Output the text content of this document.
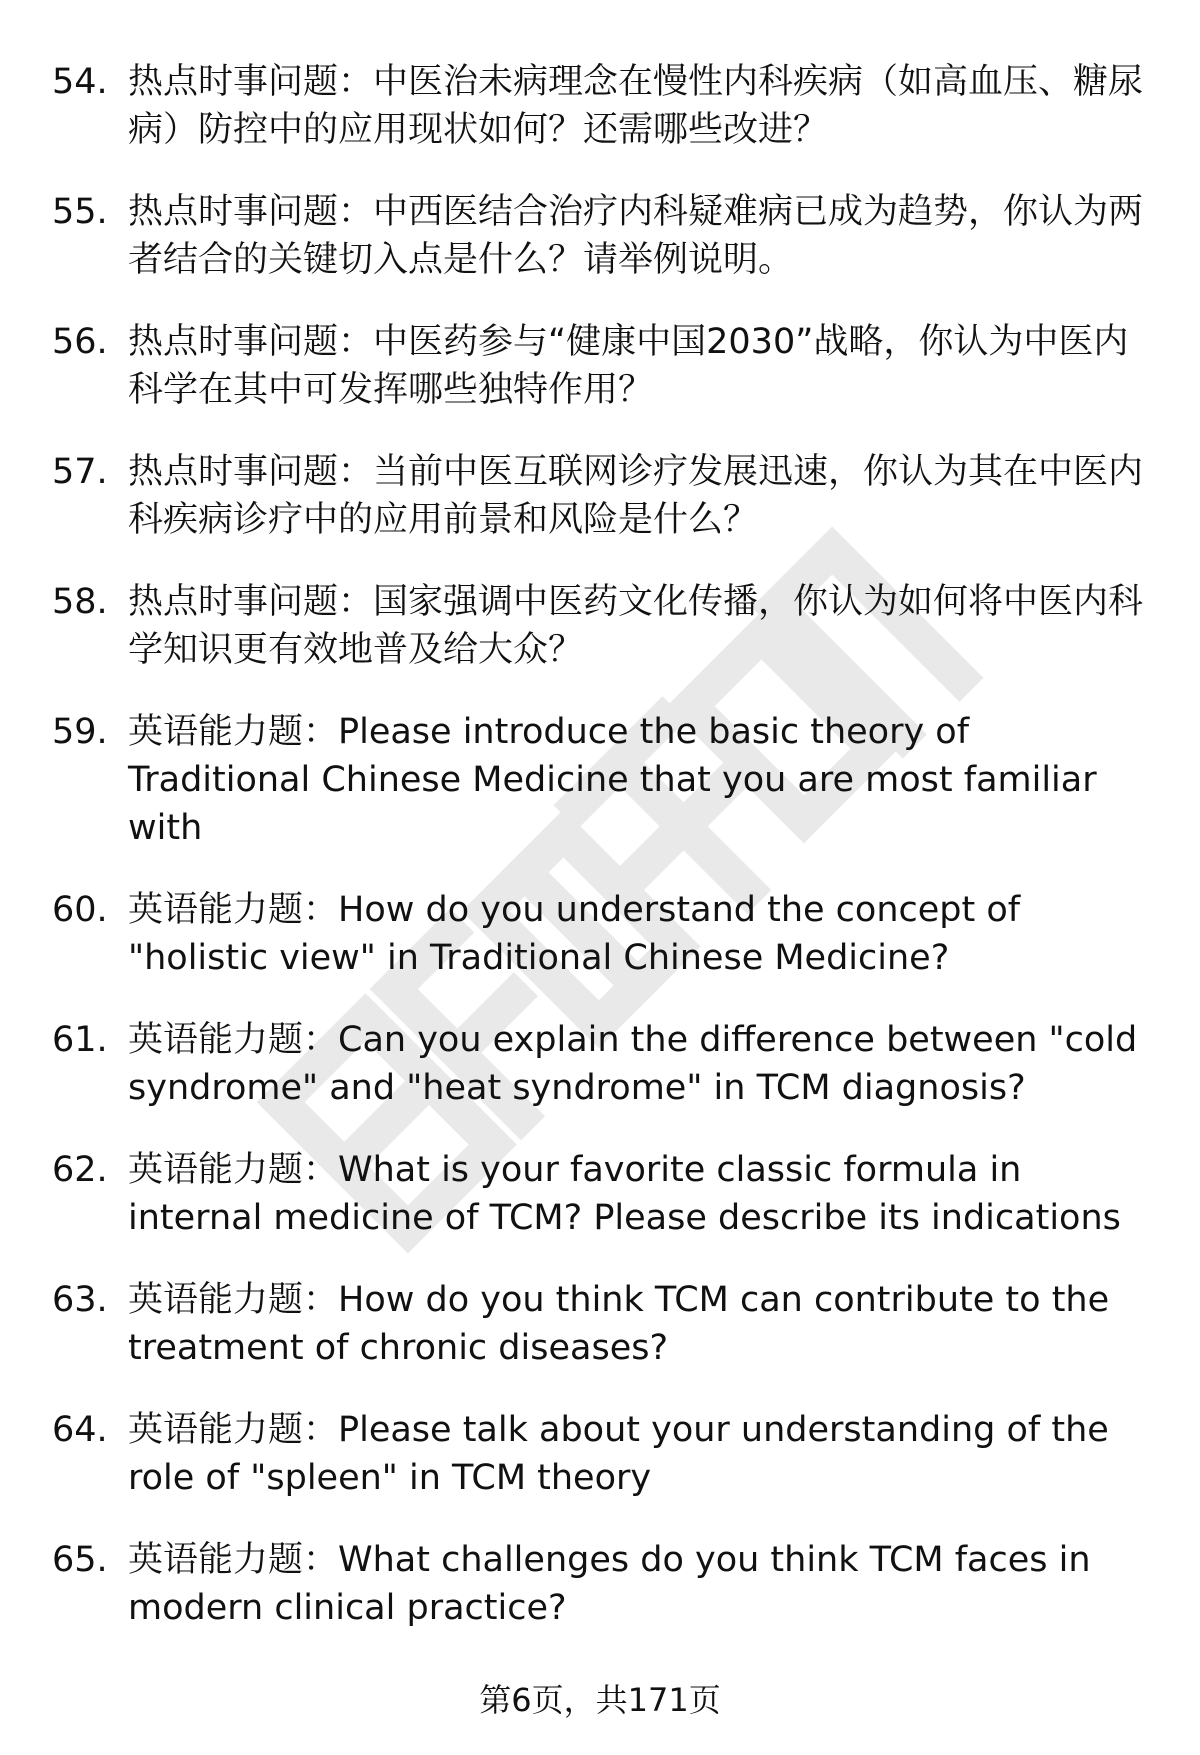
54. 热点时事问题：中医治未病理念在慢性内科疾病（如高血压、糖尿病）防控中的应用现状如何？还需哪些改进？
55. 热点时事问题：中西医结合治疗内科疑难病已成为趋势，你认为两者结合的关键切入点是什么？请举例说明。
56. 热点时事问题：中医药参与“健康中国2030”战略，你认为中医内科学在其中可发挥哪些独特作用？
57. 热点时事问题：当前中医互联网诊疗发展迅速，你认为其在中医内科疾病诊疗中的应用前景和风险是什么？
58. 热点时事问题：国家强调中医药文化传播，你认为如何将中医内科学知识更有效地普及给大众？
59. 英语能力题：Please introduce the basic theory of Traditional Chinese Medicine that you are most familiar with
60. 英语能力题：How do you understand the concept of "holistic view" in Traditional Chinese Medicine?
61. 英语能力题：Can you explain the difference between "cold syndrome" and "heat syndrome" in TCM diagnosis?
62. 英语能力题：What is your favorite classic formula in internal medicine of TCM? Please describe its indications
63. 英语能力题：How do you think TCM can contribute to the treatment of chronic diseases?
64. 英语能力题：Please talk about your understanding of the role of "spleen" in TCM theory
65. 英语能力题：What challenges do you think TCM faces in modern clinical practice?
第6页，共171页
